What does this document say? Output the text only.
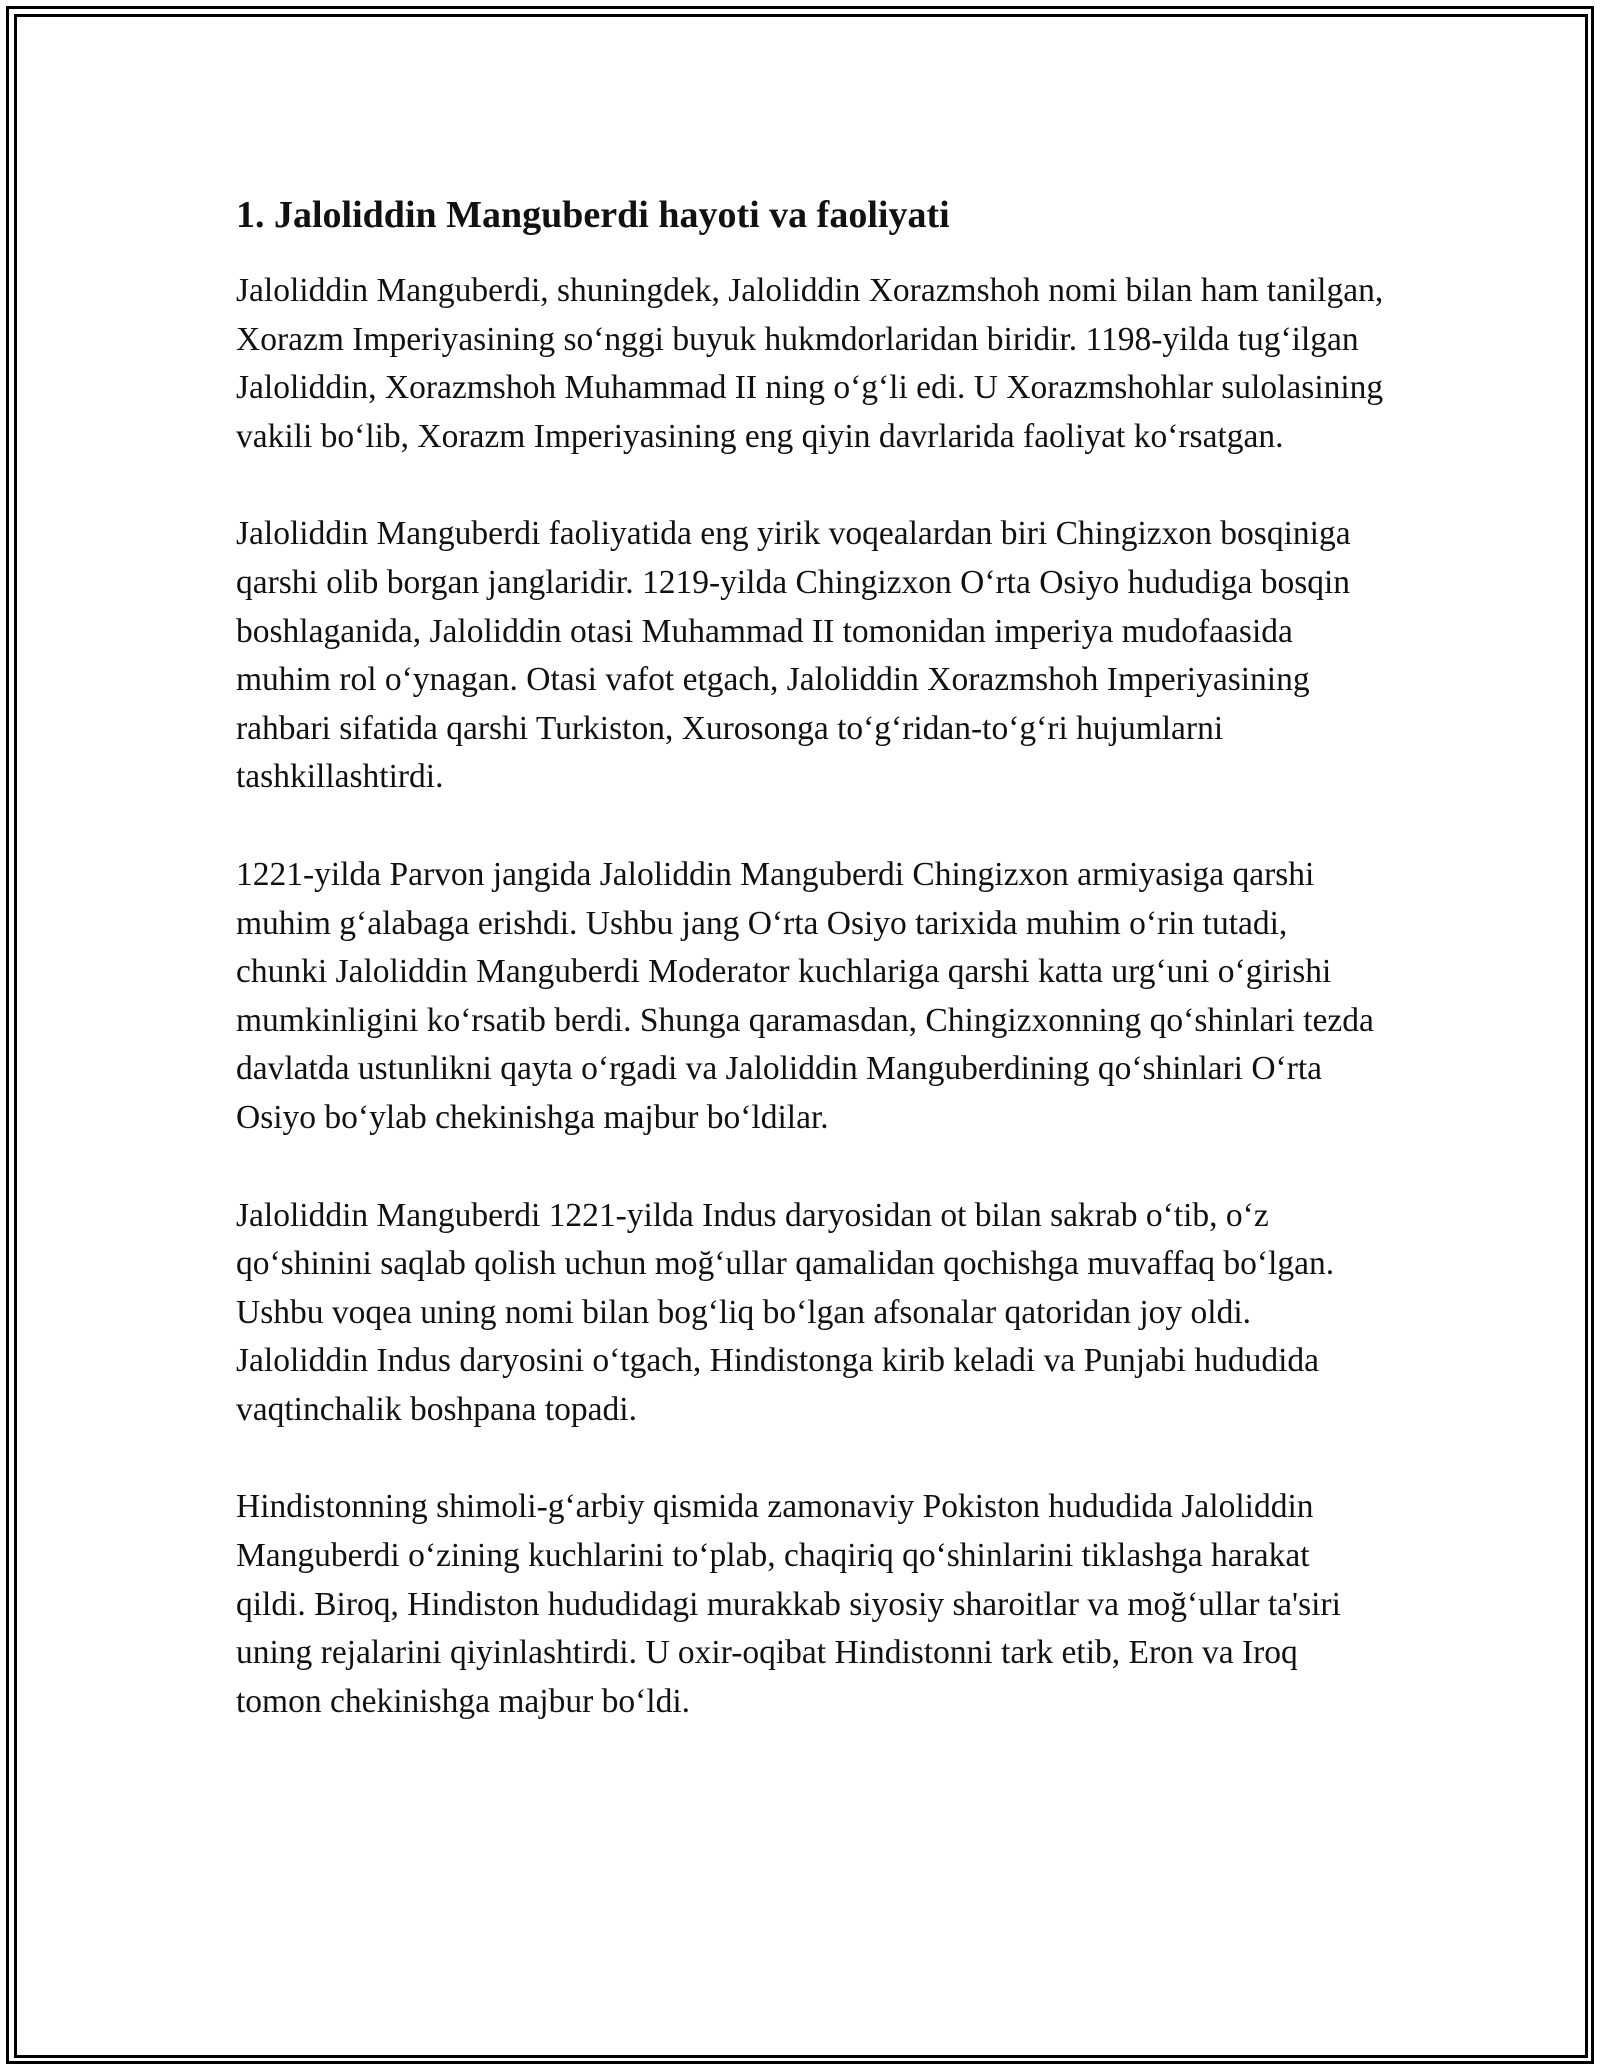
1. Jaloliddin Manguberdi hayoti va faoliyati

Jaloliddin Manguberdi, shuningdek, Jaloliddin Xorazmshoh nomi bilan ham tanilgan, Xorazm Imperiyasining so‘nggi buyuk hukmdorlaridan biridir. 1198-yilda tug‘ilgan Jaloliddin, Xorazmshoh Muhammad II ning o‘g‘li edi. U Xorazmshohlar sulolasining vakili bo‘lib, Xorazm Imperiyasining eng qiyin davrlarida faoliyat ko‘rsatgan.

Jaloliddin Manguberdi faoliyatida eng yirik voqealardan biri Chingizxon bosqiniga qarshi olib borgan janglaridir. 1219-yilda Chingizxon O‘rta Osiyo hududiga bosqin boshlaganida, Jaloliddin otasi Muhammad II tomonidan imperiya mudofaasida muhim rol o‘ynagan. Otasi vafot etgach, Jaloliddin Xorazmshoh Imperiyasining rahbari sifatida qarshi Turkiston, Xurosonga to‘g‘ridan-to‘g‘ri hujumlarni tashkillashtirdi.

1221-yilda Parvon jangida Jaloliddin Manguberdi Chingizxon armiyasiga qarshi muhim g‘alabaga erishdi. Ushbu jang O‘rta Osiyo tarixida muhim o‘rin tutadi, chunki Jaloliddin Manguberdi Moderator kuchlariga qarshi katta urg‘uni o‘girishi mumkinligini ko‘rsatib berdi. Shunga qaramasdan, Chingizxonning qo‘shinlari tezda davlatda ustunlikni qayta o‘rgadi va Jaloliddin Manguberdining qo‘shinlari O‘rta Osiyo bo‘ylab chekinishga majbur bo‘ldilar.

Jaloliddin Manguberdi 1221-yilda Indus daryosidan ot bilan sakrab o‘tib, o‘z qo‘shinini saqlab qolish uchun moğ‘ullar qamalidan qochishga muvaffaq bo‘lgan. Ushbu voqea uning nomi bilan bog‘liq bo‘lgan afsonalar qatoridan joy oldi. Jaloliddin Indus daryosini o‘tgach, Hindistonga kirib keladi va Punjabi hududida vaqtinchalik boshpana topadi.

Hindistonning shimoli-g‘arbiy qismida zamonaviy Pokiston hududida Jaloliddin Manguberdi o‘zining kuchlarini to‘plab, chaqiriq qo‘shinlarini tiklashga harakat qildi. Biroq, Hindiston hududidagi murakkab siyosiy sharoitlar va moğ‘ullar ta'siri uning rejalarini qiyinlashtirdi. U oxir-oqibat Hindistonni tark etib, Eron va Iroq tomon chekinishga majbur bo‘ldi.
